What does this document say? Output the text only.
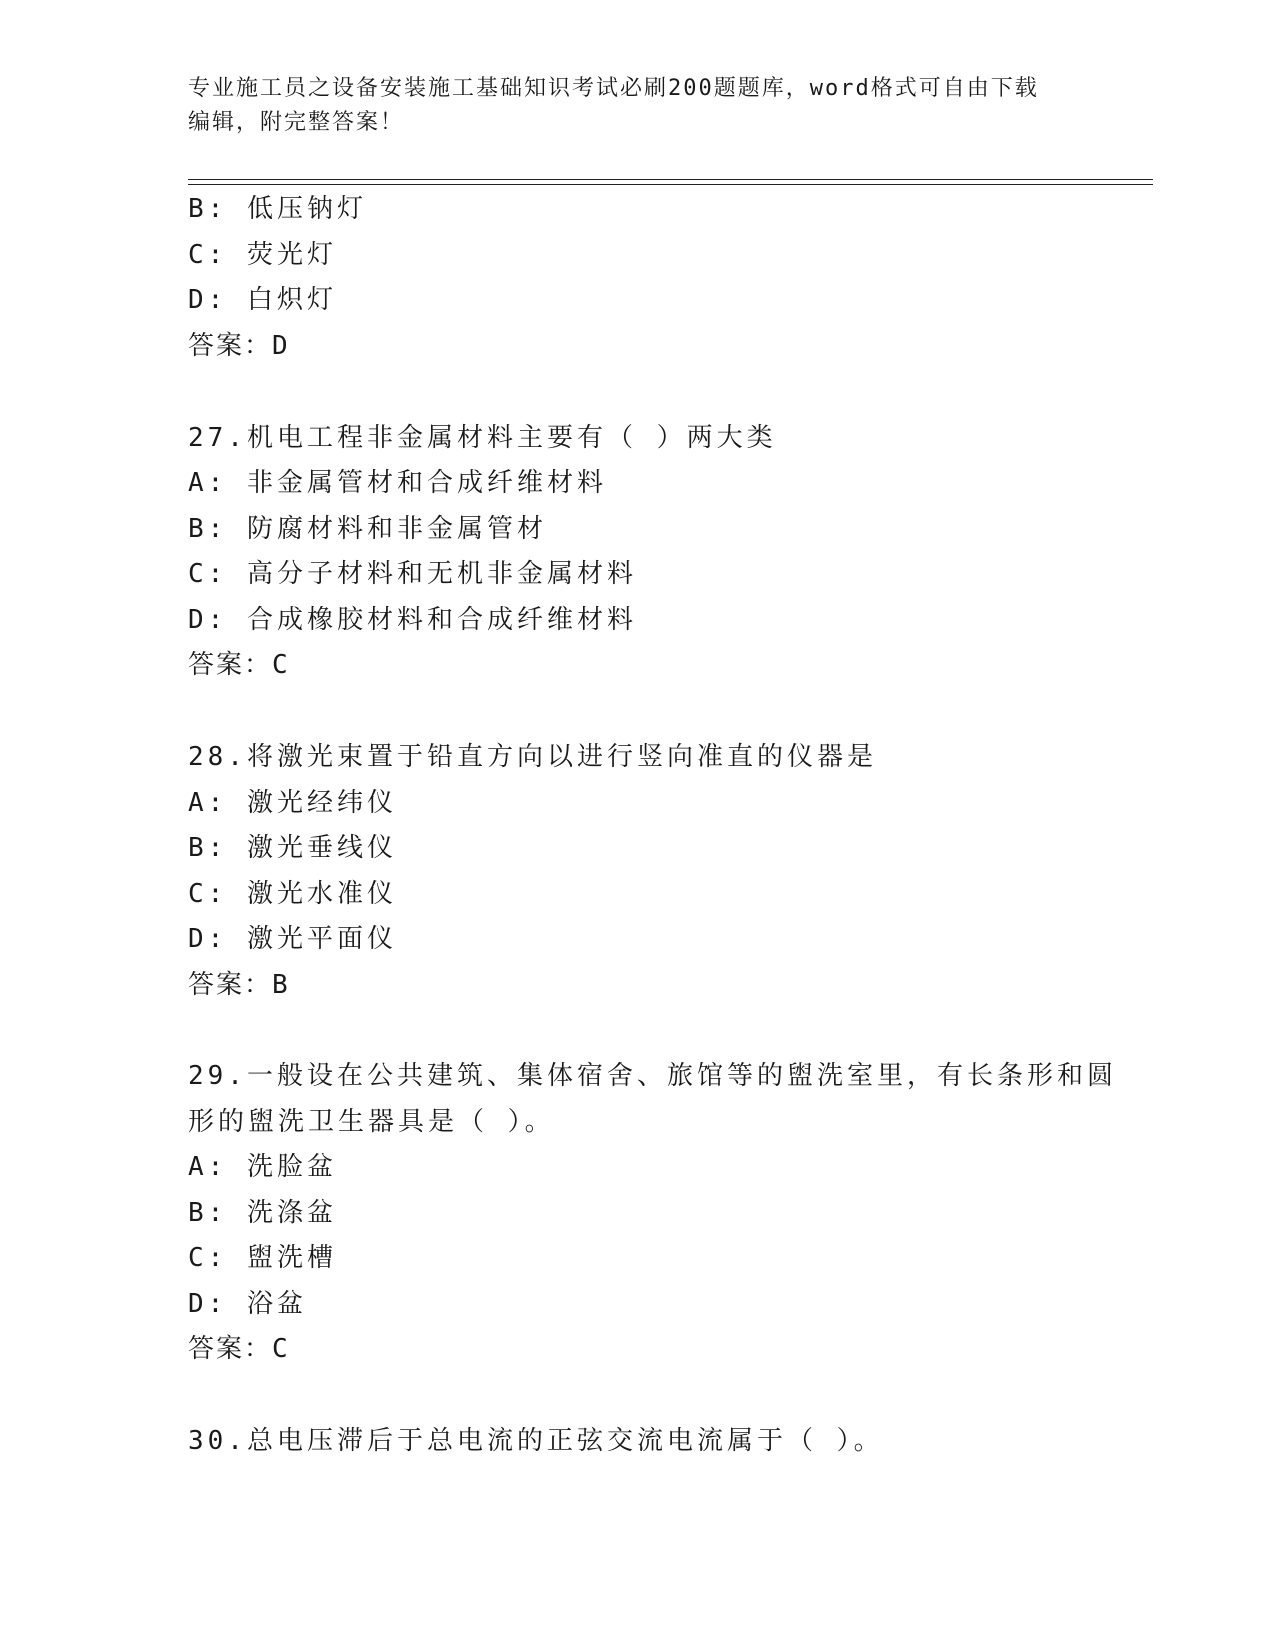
专业施工员之设备安装施工基础知识考试必刷200题题库，word格式可自由下载
编辑，附完整答案！
B: 低压钠灯
C: 荧光灯
D: 白炽灯
答案：D
27.机电工程非金属材料主要有（ ）两大类
A: 非金属管材和合成纤维材料
B: 防腐材料和非金属管材
C: 高分子材料和无机非金属材料
D: 合成橡胶材料和合成纤维材料
答案：C
28.将激光束置于铅直方向以进行竖向准直的仪器是
A: 激光经纬仪
B: 激光垂线仪
C: 激光水准仪
D: 激光平面仪
答案：B
29.一般设在公共建筑、集体宿舍、旅馆等的盥洗室里，有长条形和圆
形的盥洗卫生器具是（ ）。
A: 洗脸盆
B: 洗涤盆
C: 盥洗槽
D: 浴盆
答案：C
30.总电压滞后于总电流的正弦交流电流属于（ ）。
